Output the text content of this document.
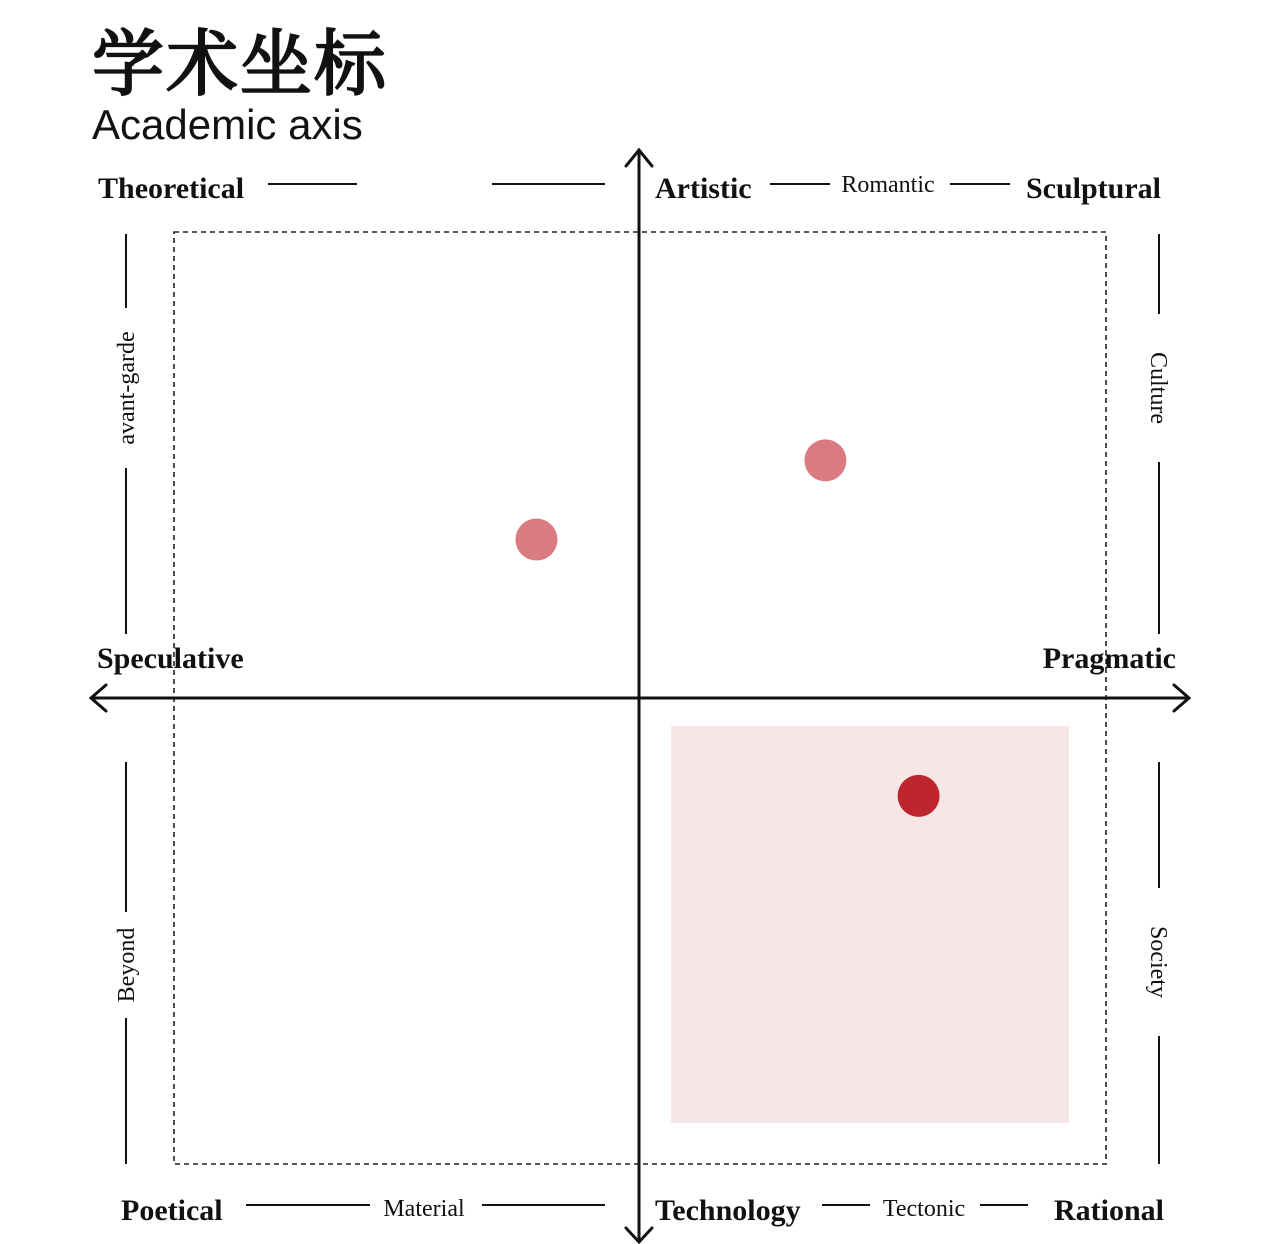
学术坐标
Academic axis
Theoretical	Artistic	Romantic	Sculptural
Speculative	Pragmatic
Poetical	Material	Technology	Tectonic	Rational
avant-garde
Beyond
Culture
Society
